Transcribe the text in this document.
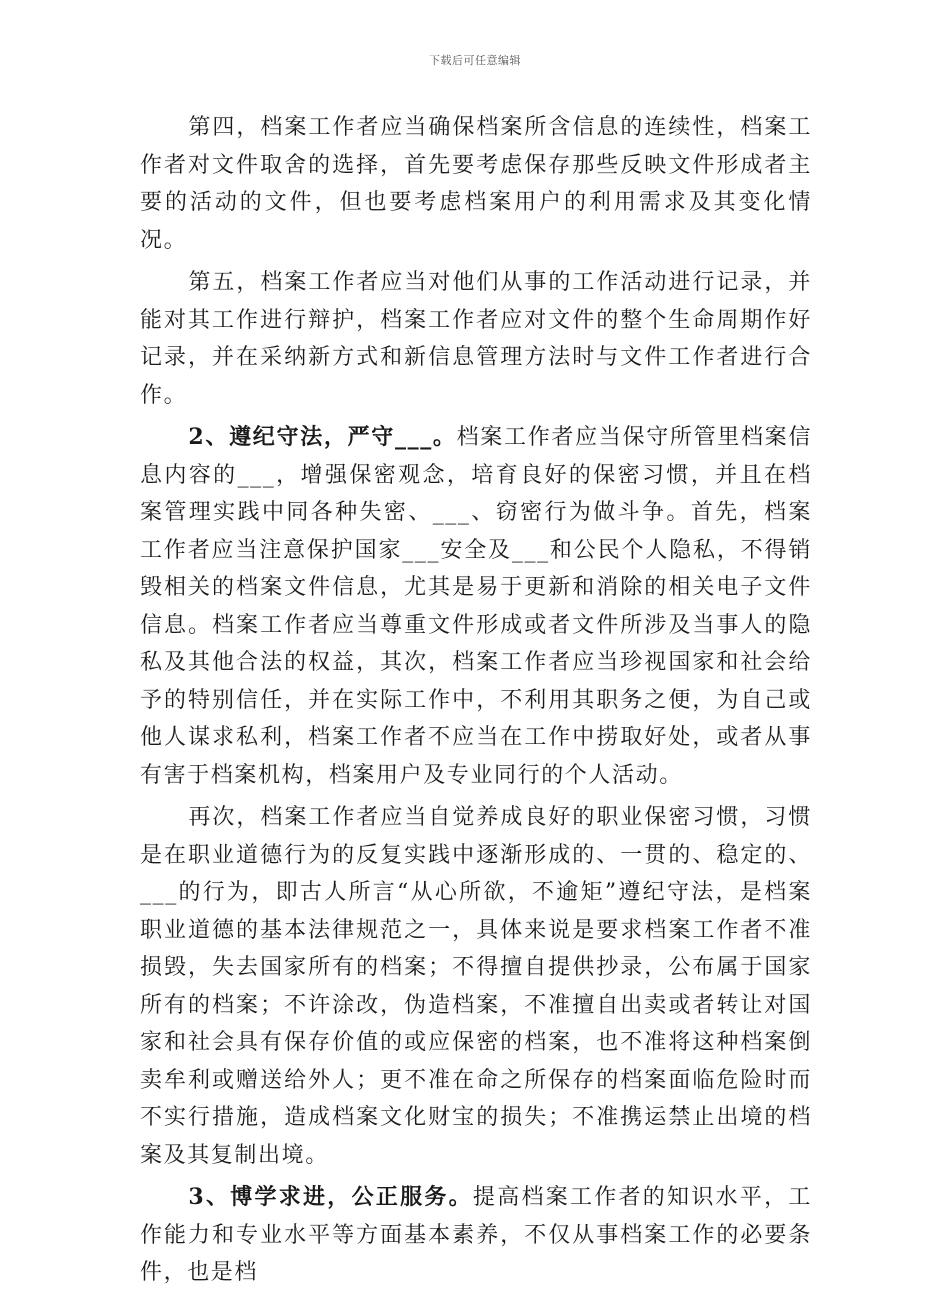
下载后可任意编辑

第四，档案工作者应当确保档案所含信息的连续性，档案工作者对文件取舍的选择，首先要考虑保存那些反映文件形成者主要的活动的文件，但也要考虑档案用户的利用需求及其变化情况。

第五，档案工作者应当对他们从事的工作活动进行记录，并能对其工作进行辩护，档案工作者应对文件的整个生命周期作好记录，并在采纳新方式和新信息管理方法时与文件工作者进行合作。

2、遵纪守法，严守___。档案工作者应当保守所管里档案信息内容的___，增强保密观念，培育良好的保密习惯，并且在档案管理实践中同各种失密、___、窃密行为做斗争。首先，档案工作者应当注意保护国家___安全及___和公民个人隐私，不得销毁相关的档案文件信息，尤其是易于更新和消除的相关电子文件信息。档案工作者应当尊重文件形成或者文件所涉及当事人的隐私及其他合法的权益，其次，档案工作者应当珍视国家和社会给予的特别信任，并在实际工作中，不利用其职务之便，为自己或他人谋求私利，档案工作者不应当在工作中捞取好处，或者从事有害于档案机构，档案用户及专业同行的个人活动。

再次，档案工作者应当自觉养成良好的职业保密习惯，习惯是在职业道德行为的反复实践中逐渐形成的、一贯的、稳定的、___的行为，即古人所言“从心所欲，不逾矩”遵纪守法，是档案职业道德的基本法律规范之一，具体来说是要求档案工作者不准损毁，失去国家所有的档案；不得擅自提供抄录，公布属于国家所有的档案；不许涂改，伪造档案，不准擅自出卖或者转让对国家和社会具有保存价值的或应保密的档案，也不准将这种档案倒卖牟利或赠送给外人；更不准在命之所保存的档案面临危险时而不实行措施，造成档案文化财宝的损失；不准携运禁止出境的档案及其复制出境。

3、博学求进，公正服务。提高档案工作者的知识水平，工作能力和专业水平等方面基本素养，不仅从事档案工作的必要条件，也是档
